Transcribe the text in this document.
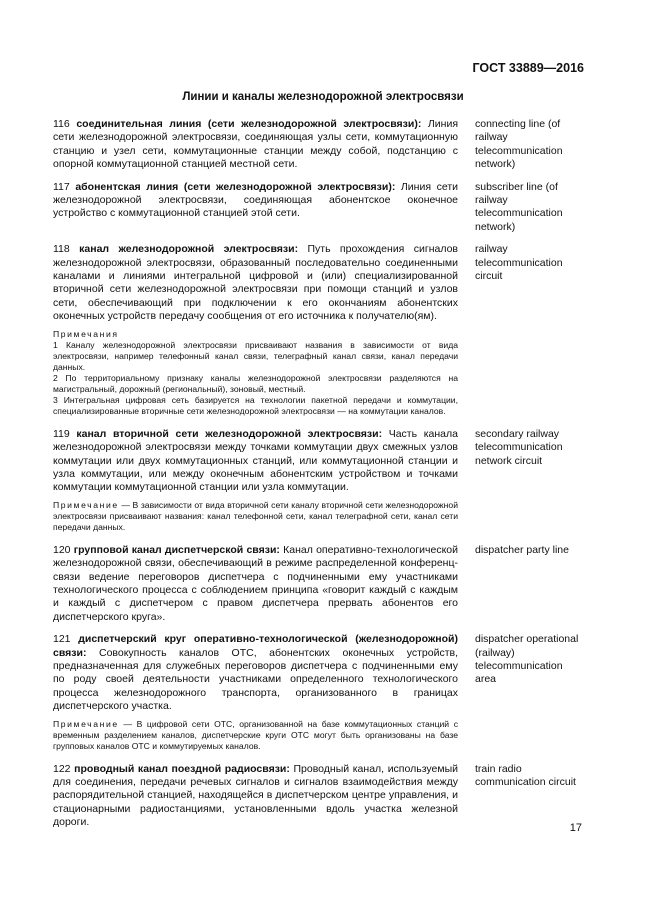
ГОСТ 33889—2016
Линии и каналы железнодорожной электросвязи
116 соединительная линия (сети железнодорожной электросвязи): Линия сети железнодорожной электросвязи, соединяющая узлы сети, коммутационную станцию и узел сети, коммутационные станции между собой, подстанцию с опорной коммутационной станцией местной сети.
connecting line (of railway telecommunication network)
117 абонентская линия (сети железнодорожной электросвязи): Линия сети железнодорожной электросвязи, соединяющая абонентское оконечное устройство с коммутационной станцией этой сети.
subscriber line (of railway telecommunication network)
118 канал железнодорожной электросвязи: Путь прохождения сигналов железнодорожной электросвязи, образованный последовательно соединенными каналами и линиями интегральной цифровой и (или) специализированной вторичной сети железнодорожной электросвязи при помощи станций и узлов сети, обеспечивающий при подключении к его окончаниям абонентских оконечных устройств передачу сообщения от его источника к получателю(ям).
railway telecommunication circuit

Примечания

1 Каналу железнодорожной электросвязи присваивают названия в зависимости от вида электросвязи, например телефонный канал связи, телеграфный канал связи, канал передачи данных.

2 По территориальному признаку каналы железнодорожной электросвязи разделяются на магистральный, дорожный (региональный), зоновый, местный.

3 Интегральная цифровая сеть базируется на технологии пакетной передачи и коммутации, специализированные вторичные сети железнодорожной электросвязи — на коммутации каналов.

119 канал вторичной сети железнодорожной электросвязи: Часть канала железнодорожной электросвязи между точками коммутации двух смежных узлов коммутации или двух коммутационных станций, или коммутационной станции и узла коммутации, или между оконечным абонентским устройством и точками коммутации коммутационной станции или узла коммутации.
secondary railway telecommunication network circuit

Примечание — В зависимости от вида вторичной сети каналу вторичной сети железнодорожной электросвязи присваивают названия: канал телефонной сети, канал телеграфной сети, канал сети передачи данных.

120 групповой канал диспетчерской связи: Канал оперативно-технологической железнодорожной связи, обеспечивающий в режиме распределенной конференц-связи ведение переговоров диспетчера с подчиненными ему участниками технологического процесса с соблюдением принципа «говорит каждый с каждым и каждый с диспетчером с правом диспетчера прервать абонентов его диспетчерского круга».
dispatcher party line
121 диспетчерский круг оперативно-технологической (железнодорожной) связи: Совокупность каналов ОТС, абонентских оконечных устройств, предназначенная для служебных переговоров диспетчера с подчиненными ему по роду своей деятельности участниками определенного технологического процесса железнодорожного транспорта, организованного в границах диспетчерского участка.
dispatcher operational (railway) telecommunication area

Примечание — В цифровой сети ОТС, организованной на базе коммутационных станций с временным разделением каналов, диспетчерские круги ОТС могут быть организованы на базе групповых каналов ОТС и коммутируемых каналов.

122 проводный канал поездной радиосвязи: Проводный канал, используемый для соединения, передачи речевых сигналов и сигналов взаимодействия между распорядительной станцией, находящейся в диспетчерском центре управления, и стационарными радиостанциями, установленными вдоль участка железной дороги.
train radio communication circuit
17
